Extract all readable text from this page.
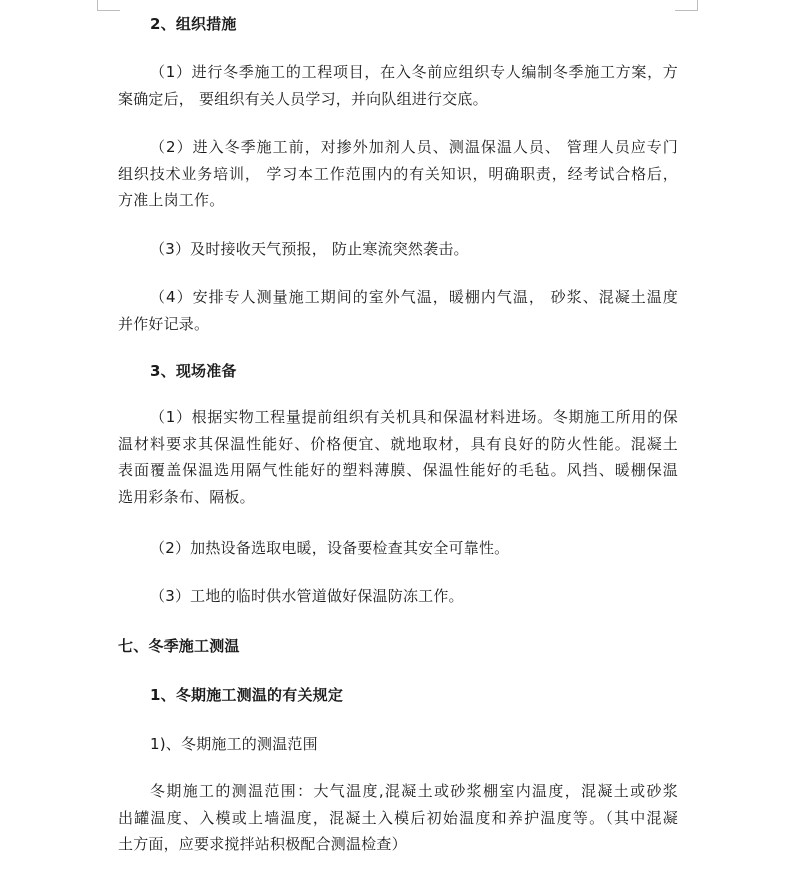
2、组织措施
（1）进行冬季施工的工程项目，在入冬前应组织专人编制冬季施工方案，方
案确定后， 要组织有关人员学习，并向队组进行交底。
（2）进入冬季施工前，对掺外加剂人员、测温保温人员、 管理人员应专门
组织技术业务培训， 学习本工作范围内的有关知识，明确职责，经考试合格后，
方准上岗工作。
（3）及时接收天气预报， 防止寒流突然袭击。
（4）安排专人测量施工期间的室外气温，暖棚内气温， 砂浆、混凝土温度
并作好记录。
3、现场准备
（1）根据实物工程量提前组织有关机具和保温材料进场。冬期施工所用的保
温材料要求其保温性能好、价格便宜、就地取材，具有良好的防火性能。混凝土
表面覆盖保温选用隔气性能好的塑料薄膜、保温性能好的毛毡。风挡、暖棚保温
选用彩条布、隔板。
（2）加热设备选取电暖，设备要检查其安全可靠性。
（3）工地的临时供水管道做好保温防冻工作。
七、冬季施工测温
1、冬期施工测温的有关规定
1)、冬期施工的测温范围
冬期施工的测温范围：大气温度,混凝土或砂浆棚室内温度，混凝土或砂浆
出罐温度、入模或上墙温度，混凝土入模后初始温度和养护温度等。（其中混凝
土方面，应要求搅拌站积极配合测温检查）
